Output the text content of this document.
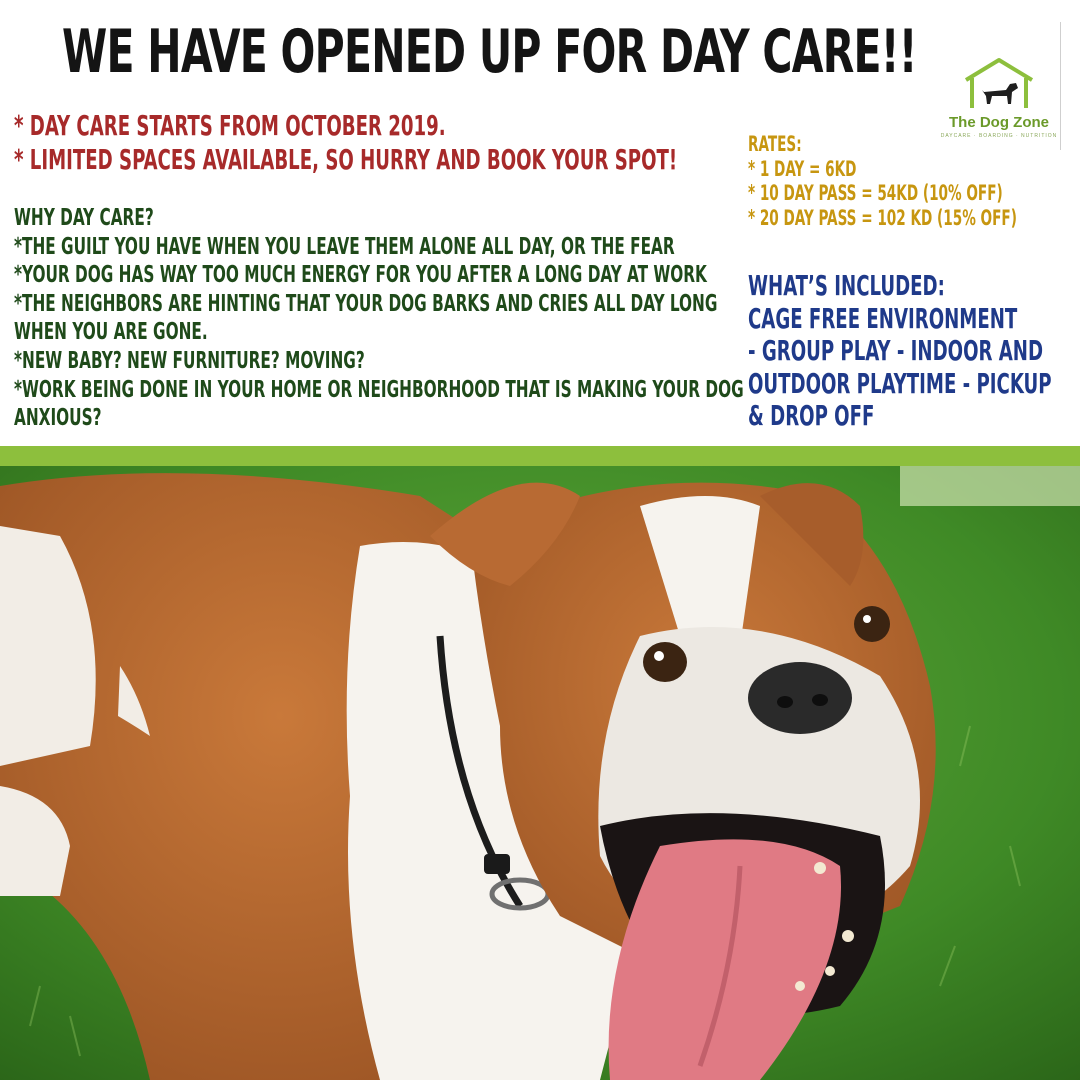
WE HAVE OPENED UP FOR DAY CARE!!
The Dog Zone
DAYCARE · BOARDING · NUTRITION
* DAY CARE STARTS FROM OCTOBER 2019.
* LIMITED SPACES AVAILABLE, SO HURRY AND BOOK YOUR SPOT!
WHY DAY CARE?
*THE GUILT YOU HAVE WHEN YOU LEAVE THEM ALONE ALL DAY, OR THE FEAR
*YOUR DOG HAS WAY TOO MUCH ENERGY FOR YOU AFTER A LONG DAY AT WORK
*THE NEIGHBORS ARE HINTING THAT YOUR DOG BARKS AND CRIES ALL DAY LONG
WHEN YOU ARE GONE.
*NEW BABY? NEW FURNITURE? MOVING?
*WORK BEING DONE IN YOUR HOME OR NEIGHBORHOOD THAT IS MAKING YOUR DOG
ANXIOUS?
RATES:
* 1 DAY = 6KD
* 10 DAY PASS = 54KD (10% OFF)
* 20 DAY PASS = 102 KD (15% OFF)
WHAT’S INCLUDED:
CAGE FREE ENVIRONMENT
- GROUP PLAY - INDOOR AND
OUTDOOR PLAYTIME - PICKUP
& DROP OFF
